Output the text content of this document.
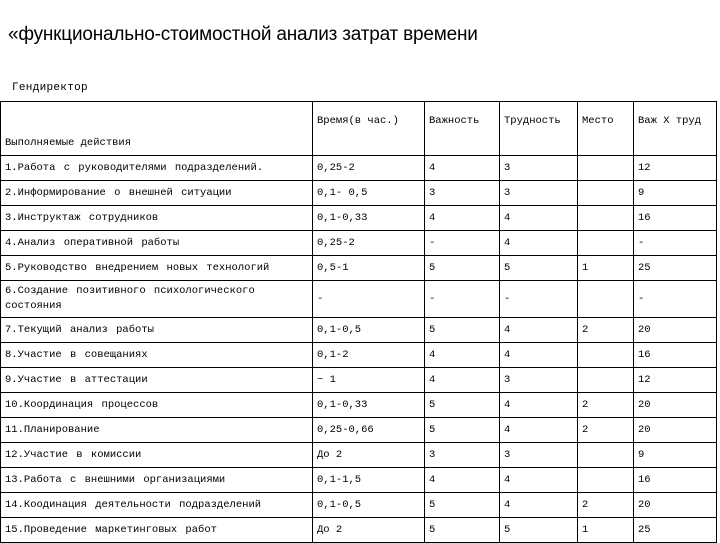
«функционально-стоимостной анализ затрат времени
Гендиректор
Выполняемые действия	Время(в час.)	Важность	Трудность	Место	Важ Х труд
1.Работа с руководителями подразделений.	0,25-2	4	3		12
2.Информирование о внешней ситуации	0,1- 0,5	3	3		9
3.Инструктаж сотрудников	0,1-0,33	4	4		16
4.Анализ оперативной работы	0,25-2	-	4		-
5.Руководство внедрением новых технологий	0,5-1	5	5	1	25
6.Создание позитивного психологического состояния	-	-	-		-
7.Текущий анализ работы	0,1-0,5	5	4	2	20
8.Участие в совещаниях	0,1-2	4	4		16
9.Участие в аттестации	~ 1	4	3		12
10.Координация процессов	0,1-0,33	5	4	2	20
11.Планирование	0,25-0,66	5	4	2	20
12.Участие в комиссии	До 2	3	3		9
13.Работа с внешними организациями	0,1-1,5	4	4		16
14.Коодинация деятельности подразделений	0,1-0,5	5	4	2	20
15.Проведение маркетинговых работ	До 2	5	5	1	25
